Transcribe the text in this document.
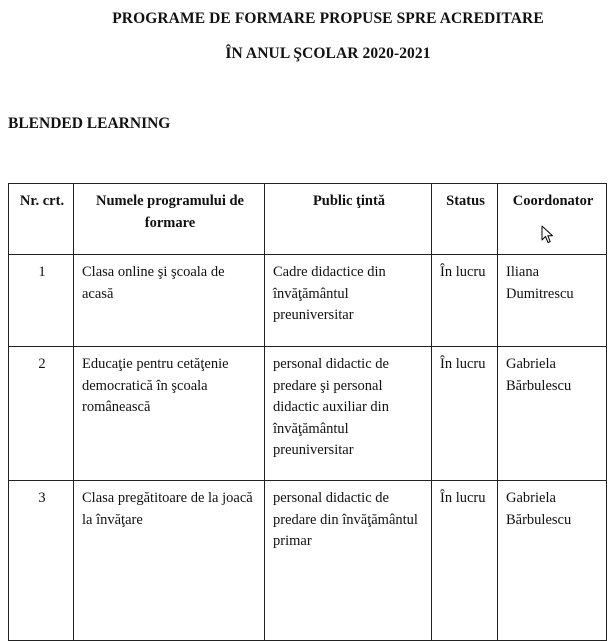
PROGRAME DE FORMARE PROPUSE SPRE ACREDITARE
ÎN ANUL ŞCOLAR 2020-2021
BLENDED LEARNING
Nr. crt.	Numele programului de formare	Public ţintă	Status	Coordonator
1	Clasa online şi şcoala de acasă	Cadre didactice din învăţământul preuniversitar	În lucru	Iliana Dumitrescu
2	Educaţie pentru cetăţenie democratică în şcoala românească	personal didactic de predare şi personal didactic auxiliar din învăţământul preuniversitar	În lucru	Gabriela Bărbulescu
3	Clasa pregătitoare de la joacă la învăţare	personal didactic de predare din învăţământul primar	În lucru	Gabriela Bărbulescu
